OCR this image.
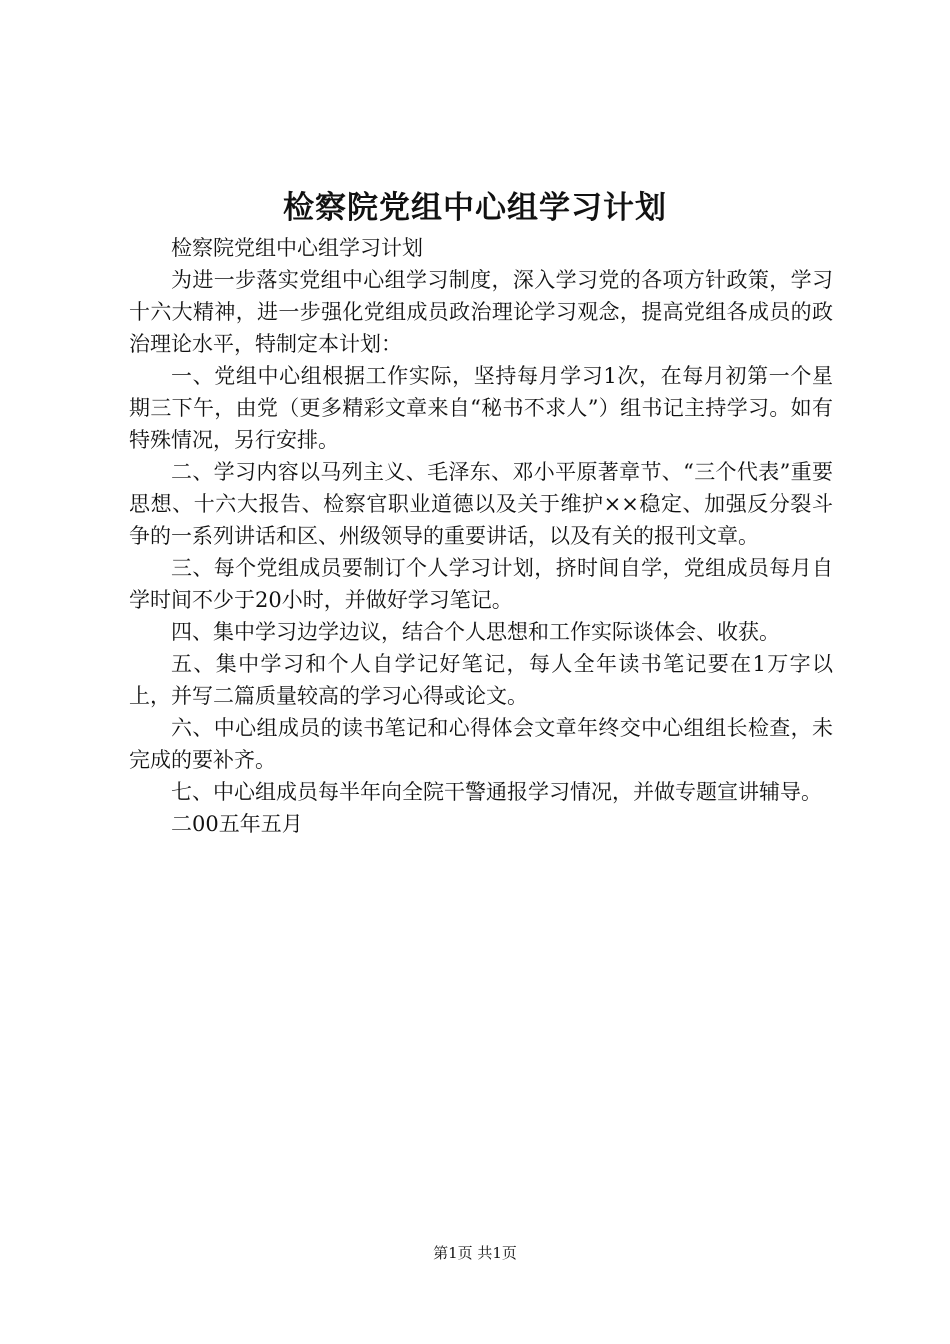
检察院党组中心组学习计划

检察院党组中心组学习计划

为进一步落实党组中心组学习制度，深入学习党的各项方针政策，学习十六大精神，进一步强化党组成员政治理论学习观念，提高党组各成员的政治理论水平，特制定本计划：

一、党组中心组根据工作实际，坚持每月学习1次，在每月初第一个星期三下午，由党（更多精彩文章来自“秘书不求人”）组书记主持学习。如有特殊情况，另行安排。

二、学习内容以马列主义、毛泽东、邓小平原著章节、“三个代表”重要思想、十六大报告、检察官职业道德以及关于维护××稳定、加强反分裂斗争的一系列讲话和区、州级领导的重要讲话，以及有关的报刊文章。

三、每个党组成员要制订个人学习计划，挤时间自学，党组成员每月自学时间不少于20小时，并做好学习笔记。

四、集中学习边学边议，结合个人思想和工作实际谈体会、收获。

五、集中学习和个人自学记好笔记，每人全年读书笔记要在1万字以上，并写二篇质量较高的学习心得或论文。

六、中心组成员的读书笔记和心得体会文章年终交中心组组长检查，未完成的要补齐。

七、中心组成员每半年向全院干警通报学习情况，并做专题宣讲辅导。

二00五年五月

第1页 共1页
